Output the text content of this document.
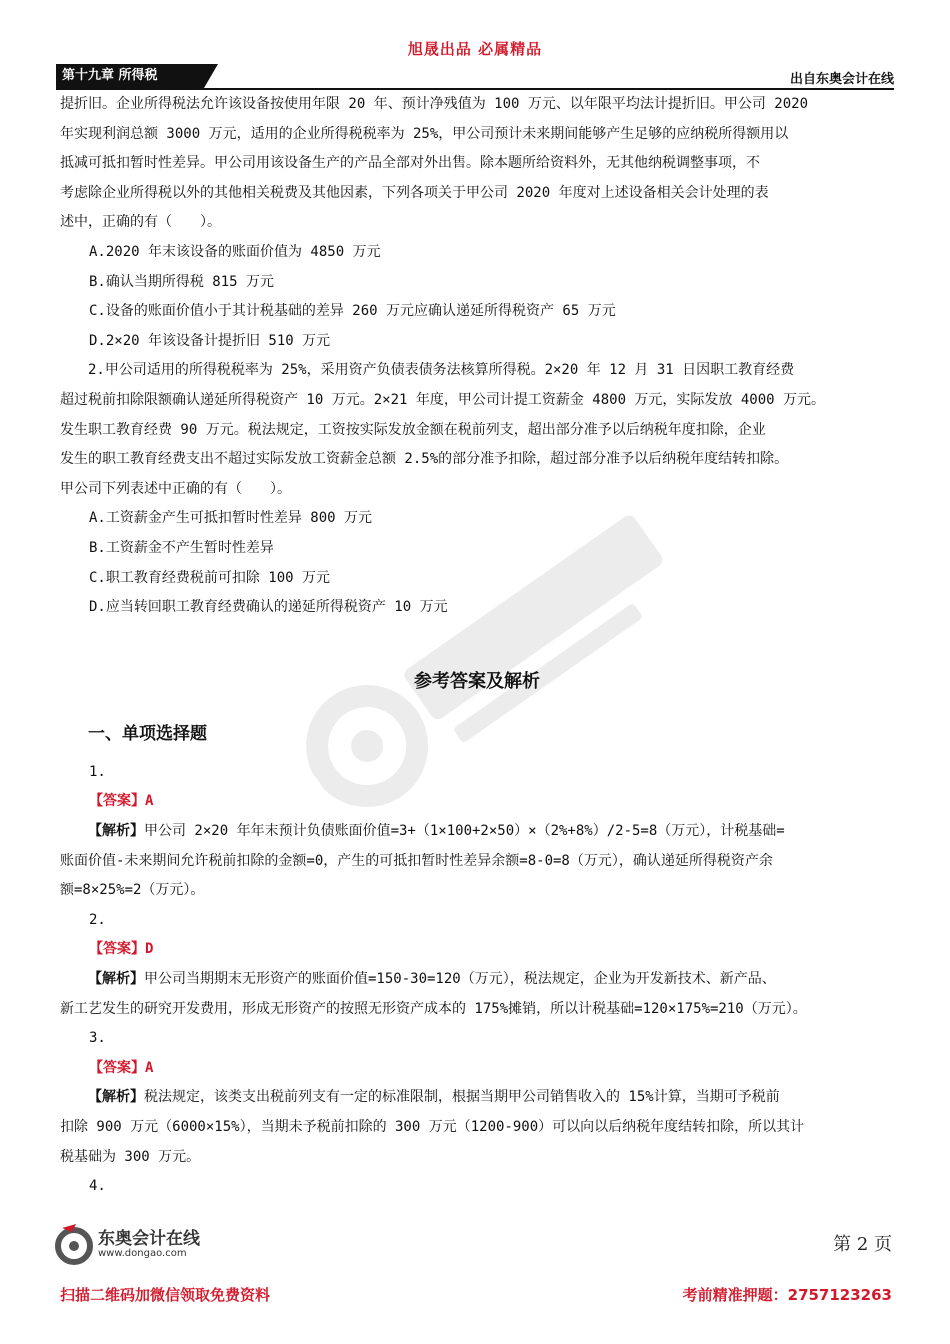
旭晟出品 必属精品
第十九章 所得税	出自东奥会计在线

提折旧。企业所得税法允许该设备按使用年限 20 年、预计净残值为 100 万元、以年限平均法计提折旧。甲公司 2020

年实现利润总额 3000 万元，适用的企业所得税税率为 25%，甲公司预计未来期间能够产生足够的应纳税所得额用以

抵减可抵扣暂时性差异。甲公司用该设备生产的产品全部对外出售。除本题所给资料外，无其他纳税调整事项，不

考虑除企业所得税以外的其他相关税费及其他因素，下列各项关于甲公司 2020 年度对上述设备相关会计处理的表

述中，正确的有（　　）。

A.2020 年末该设备的账面价值为 4850 万元

B.确认当期所得税 815 万元

C.设备的账面价值小于其计税基础的差异 260 万元应确认递延所得税资产 65 万元

D.2×20 年该设备计提折旧 510 万元

2.甲公司适用的所得税税率为 25%，采用资产负债表债务法核算所得税。2×20 年 12 月 31 日因职工教育经费

超过税前扣除限额确认递延所得税资产 10 万元。2×21 年度，甲公司计提工资薪金 4800 万元，实际发放 4000 万元。

发生职工教育经费 90 万元。税法规定，工资按实际发放金额在税前列支，超出部分准予以后纳税年度扣除，企业

发生的职工教育经费支出不超过实际发放工资薪金总额 2.5%的部分准予扣除，超过部分准予以后纳税年度结转扣除。

甲公司下列表述中正确的有（　　）。

A.工资薪金产生可抵扣暂时性差异 800 万元

B.工资薪金不产生暂时性差异

C.职工教育经费税前可扣除 100 万元

D.应当转回职工教育经费确认的递延所得税资产 10 万元

参考答案及解析
一、单项选择题

1.

【答案】A

【解析】甲公司 2×20 年年末预计负债账面价值=3+（1×100+2×50）×（2%+8%）/2-5=8（万元），计税基础=

账面价值-未来期间允许税前扣除的金额=0，产生的可抵扣暂时性差异余额=8-0=8（万元），确认递延所得税资产余

额=8×25%=2（万元）。

2.

【答案】D

【解析】甲公司当期期末无形资产的账面价值=150-30=120（万元），税法规定，企业为开发新技术、新产品、

新工艺发生的研究开发费用，形成无形资产的按照无形资产成本的 175%摊销，所以计税基础=120×175%=210（万元）。

3.

【答案】A

【解析】税法规定，该类支出税前列支有一定的标准限制，根据当期甲公司销售收入的 15%计算，当期可予税前

扣除 900 万元（6000×15%），当期未予税前扣除的 300 万元（1200-900）可以向以后纳税年度结转扣除，所以其计

税基础为 300 万元。

4.

东奥会计在线
www.dongao.com	第 2 页
扫描二维码加微信领取免费资料	考前精准押题：2757123263
